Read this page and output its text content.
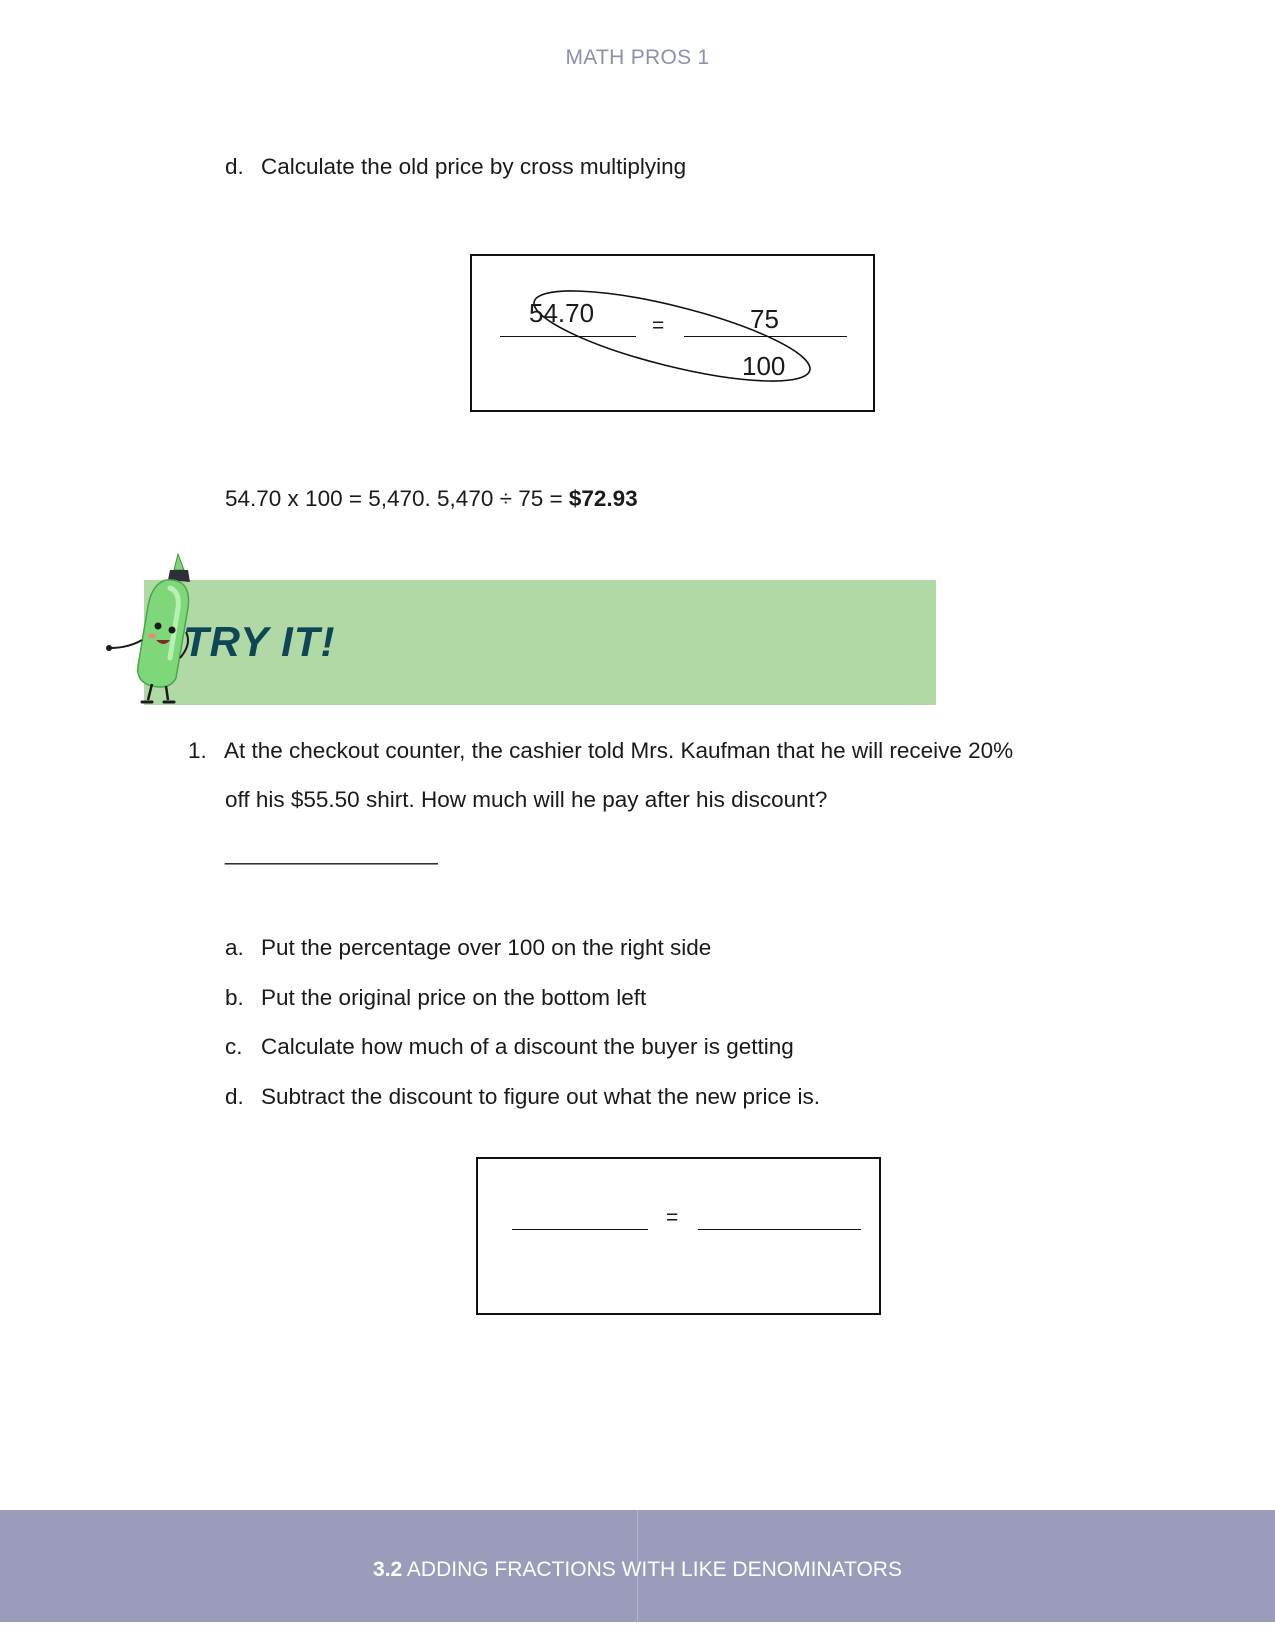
MATH PROS 1
d. Calculate the old price by cross multiplying
54.70	=	75
100
54.70 x 100 = 5,470. 5,470 ÷ 75 = $72.93
TRY IT!
1. At the checkout counter, the cashier told Mrs. Kaufman that he will receive 20%
off his $55.50 shirt. How much will he pay after his discount?
_________________
a. Put the percentage over 100 on the right side
b. Put the original price on the bottom left
c. Calculate how much of a discount the buyer is getting
d. Subtract the discount to figure out what the new price is.
=
3.2 ADDING FRACTIONS WITH LIKE DENOMINATORS
